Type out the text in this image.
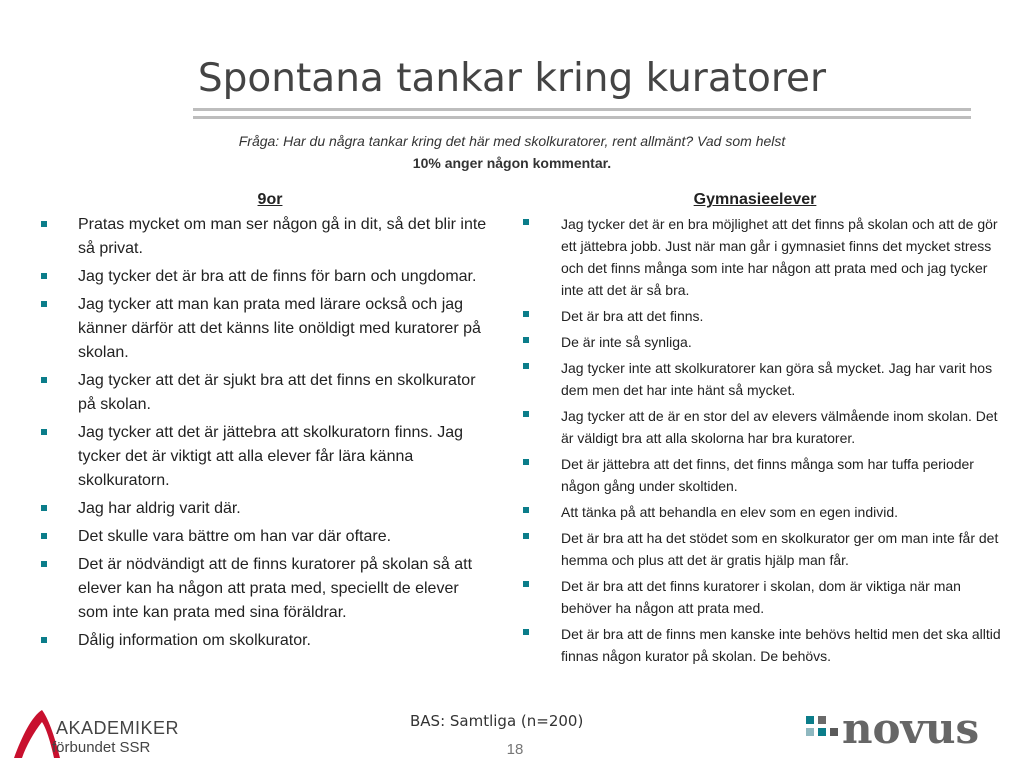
Spontana tankar kring kuratorer
Fråga: Har du några tankar kring det här med skolkuratorer, rent allmänt? Vad som helst
10% anger någon kommentar.
9or
Pratas mycket om man ser någon gå in dit, så det blir inte så privat.
Jag tycker det är bra att de finns för barn och ungdomar.
Jag tycker att man kan prata med lärare också och jag känner därför att det känns lite onöldigt med kuratorer på skolan.
Jag tycker att det är sjukt bra att det finns en skolkurator på skolan.
Jag tycker att det är jättebra att skolkuratorn finns. Jag tycker det är viktigt att alla elever får lära känna skolkuratorn.
Jag har aldrig varit där.
Det skulle vara bättre om han var där oftare.
Det är nödvändigt att de finns kuratorer på skolan så att elever kan ha någon att prata med, speciellt de elever som inte kan prata med sina föräldrar.
Dålig information om skolkurator.
Gymnasieelever
Jag tycker det är en bra möjlighet att det finns på skolan och att de gör ett jättebra jobb. Just när man går i gymnasiet finns det mycket stress och det finns många som inte har någon att prata med och jag tycker inte att det är så bra.
Det är bra att det finns.
De är inte så synliga.
Jag tycker inte att skolkuratorer kan göra så mycket. Jag har varit hos dem men det har inte hänt så mycket.
Jag tycker att de är en stor del av elevers välmående inom skolan. Det är väldigt bra att alla skolorna har bra kuratorer.
Det är jättebra att det finns, det finns många som har tuffa perioder någon gång under skoltiden.
Att tänka på att behandla en elev som en egen individ.
Det är bra att ha det stödet som en skolkurator ger om man inte får det hemma och plus att det är gratis hjälp man får.
Det är bra att det finns kuratorer i skolan, dom är viktiga när man behöver ha någon att prata med.
Det är bra att de finns men kanske inte behövs heltid men det ska alltid finnas någon kurator på skolan. De behövs.
AKADEMIKER
förbundet SSR
BAS: Samtliga (n=200)
18	novus
